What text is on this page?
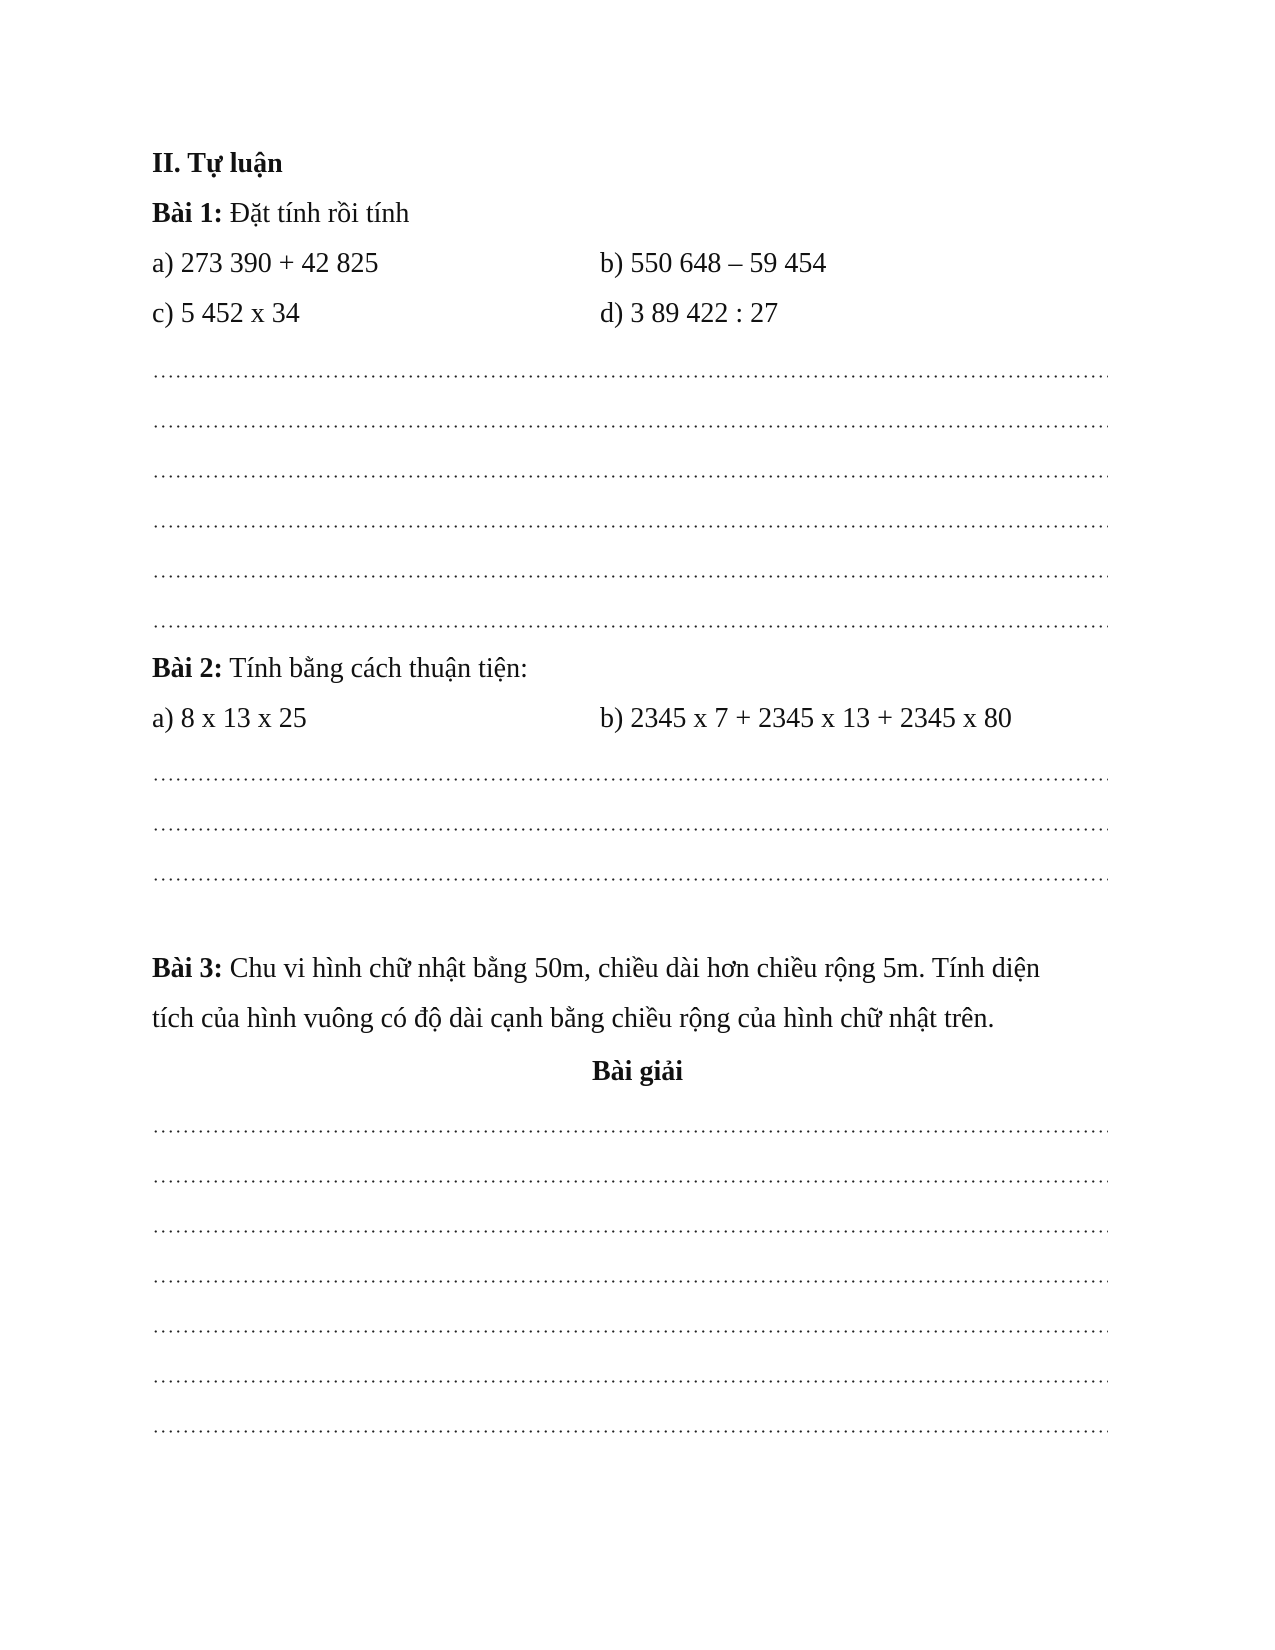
II. Tự luận
Bài 1: Đặt tính rồi tính
a) 273 390 + 42 825	b) 550 648 – 59 454
c) 5 452 x 34	d) 3 89 422 : 27
Bài 2: Tính bằng cách thuận tiện:
a) 8 x 13 x 25	b) 2345 x 7 + 2345 x 13 + 2345 x 80
Bài 3: Chu vi hình chữ nhật bằng 50m, chiều dài hơn chiều rộng 5m. Tính diện
tích của hình vuông có độ dài cạnh bằng chiều rộng của hình chữ nhật trên.
Bài giải
